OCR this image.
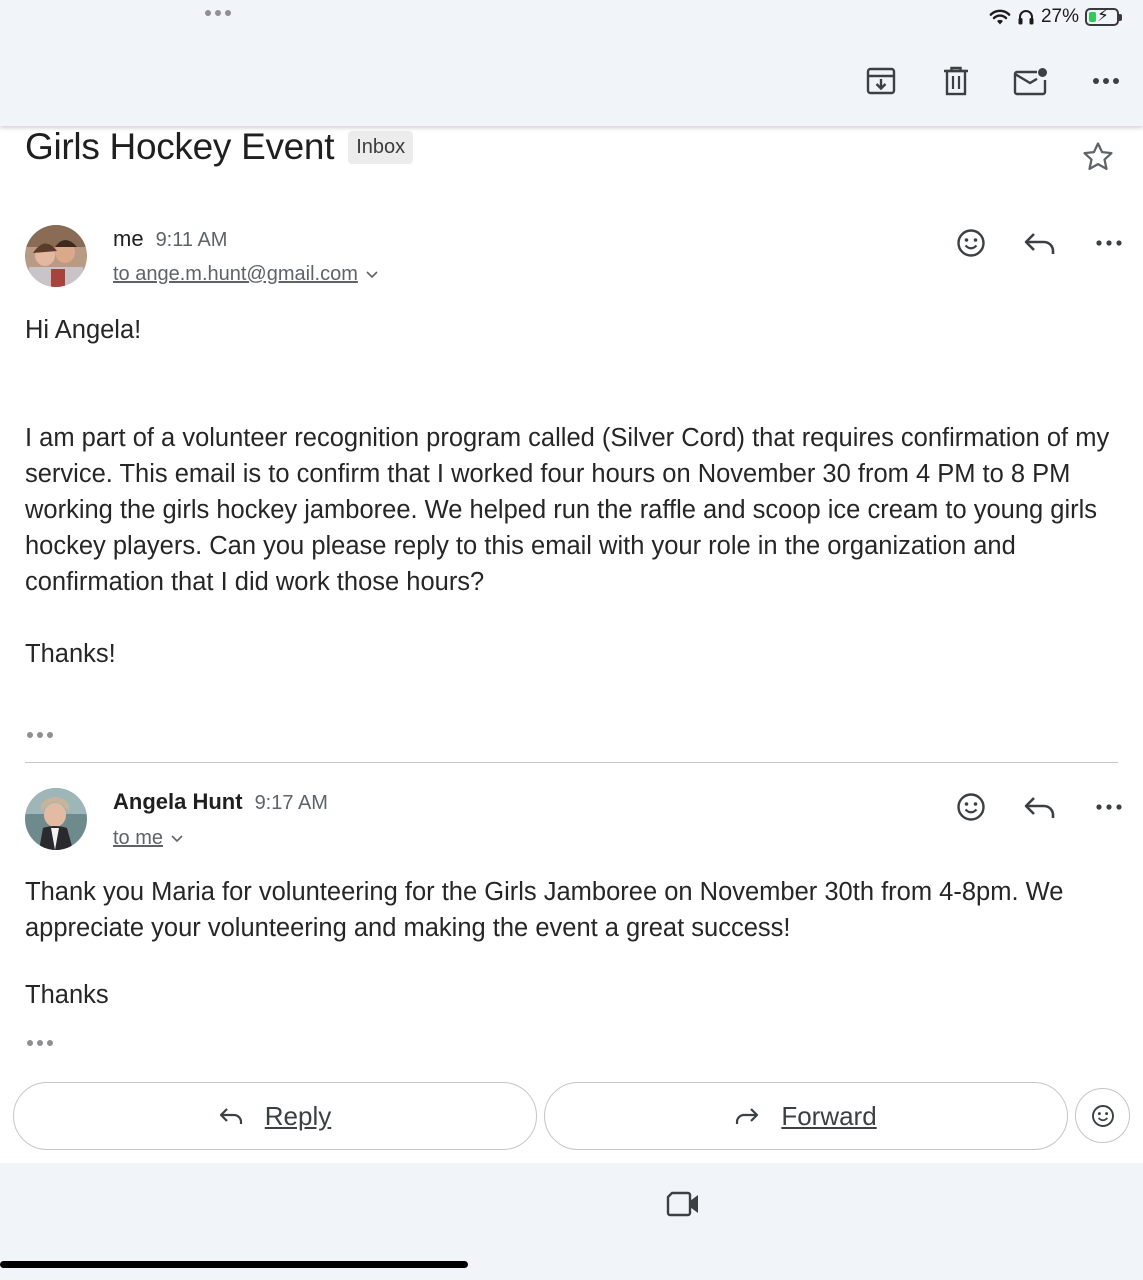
27% ⚡
Girls Hockey Event	Inbox
me 9:11 AM
to ange.m.hunt@gmail.com

Hi Angela!

I am part of a volunteer recognition program called (Silver Cord) that requires confirmation of my service. This email is to confirm that I worked four hours on November 30 from 4 PM to 8 PM working the girls hockey jamboree. We helped run the raffle and scoop ice cream to young girls hockey players. Can you please reply to this email with your role in the organization and confirmation that I did work those hours?

Thanks!

Angela Hunt 9:17 AM
to me

Thank you Maria for volunteering for the Girls Jamboree on November 30th from 4-8pm. We appreciate your volunteering and making the event a great success!

Thanks

Reply	Forward
